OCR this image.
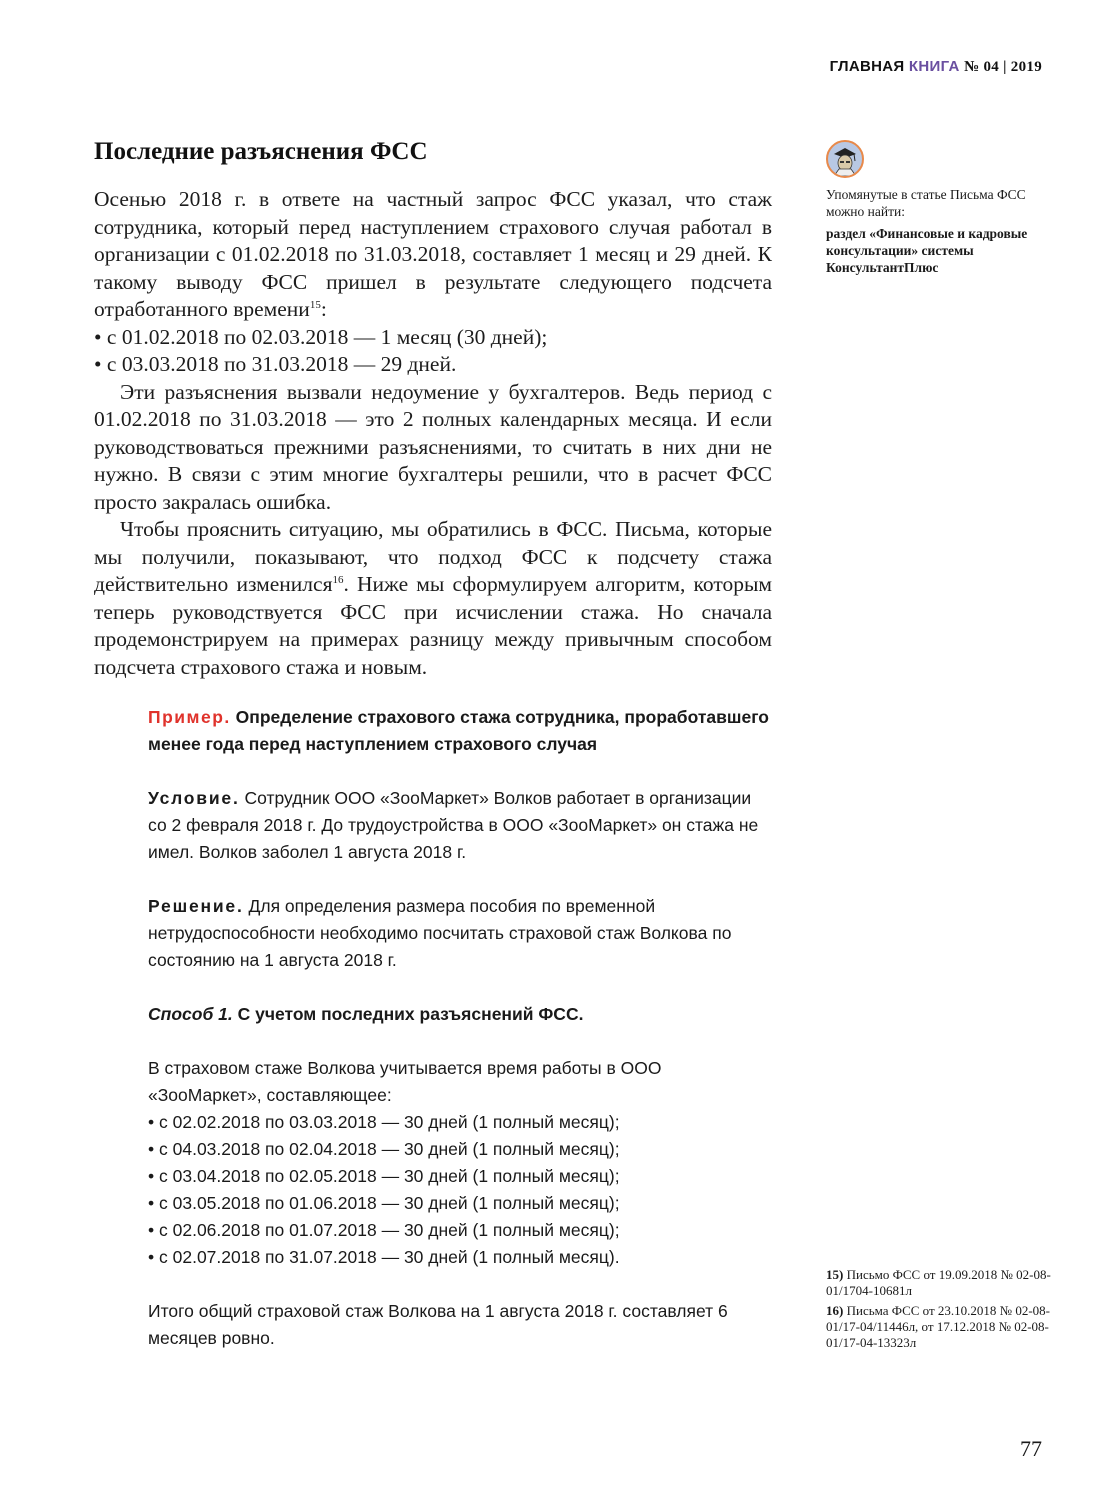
ГЛАВНАЯ КНИГА № 04 | 2019
Последние разъяснения ФСС

Осенью 2018 г. в ответе на частный запрос ФСС указал, что стаж сотрудника, который перед наступлением страхового случая работал в организации с 01.02.2018 по 31.03.2018, составляет 1 месяц и 29 дней. К такому выводу ФСС пришел в результате следующего подсчета отработанного времени$^{15}$:

• с 01.02.2018 по 02.03.2018 — 1 месяц (30 дней);
• с 03.03.2018 по 31.03.2018 — 29 дней.

Эти разъяснения вызвали недоумение у бухгалтеров. Ведь период с 01.02.2018 по 31.03.2018 — это 2 полных календарных месяца. И если руководствоваться прежними разъяснениями, то считать в них дни не нужно. В связи с этим многие бухгалтеры решили, что в расчет ФСС просто закралась ошибка.

Чтобы прояснить ситуацию, мы обратились в ФСС. Письма, которые мы получили, показывают, что подход ФСС к подсчету стажа действительно изменился$^{16}$. Ниже мы сформулируем алгоритм, которым теперь руководствуется ФСС при исчислении стажа. Но сначала продемонстрируем на примерах разницу между привычным способом подсчета страхового стажа и новым.

Пример. Определение страхового стажа сотрудника, проработавшего менее года перед наступлением страхового случая

Условие. Сотрудник ООО «ЗооМаркет» Волков работает в организации со 2 февраля 2018 г. До трудоустройства в ООО «ЗооМаркет» он стажа не имел. Волков заболел 1 августа 2018 г.

Решение. Для определения размера пособия по временной нетрудоспособности необходимо посчитать страховой стаж Волкова по состоянию на 1 августа 2018 г.

Способ 1. С учетом последних разъяснений ФСС.

В страховом стаже Волкова учитывается время работы в ООО «ЗооМаркет», составляющее:

• с 02.02.2018 по 03.03.2018 — 30 дней (1 полный месяц);
• с 04.03.2018 по 02.04.2018 — 30 дней (1 полный месяц);
• с 03.04.2018 по 02.05.2018 — 30 дней (1 полный месяц);
• с 03.05.2018 по 01.06.2018 — 30 дней (1 полный месяц);
• с 02.06.2018 по 01.07.2018 — 30 дней (1 полный месяц);
• с 02.07.2018 по 31.07.2018 — 30 дней (1 полный месяц).

Итого общий страховой стаж Волкова на 1 августа 2018 г. составляет 6 месяцев ровно.

Упомянутые в статье Письма ФСС можно найти:
раздел «Финансовые и кадровые консультации» системы КонсультантПлюс
15) Письмо ФСС от 19.09.2018 № 02-08-01/1704-10681л
16) Письма ФСС от 23.10.2018 № 02-08-01/17-04/11446л, от 17.12.2018 № 02-08-01/17-04-13323л
77
